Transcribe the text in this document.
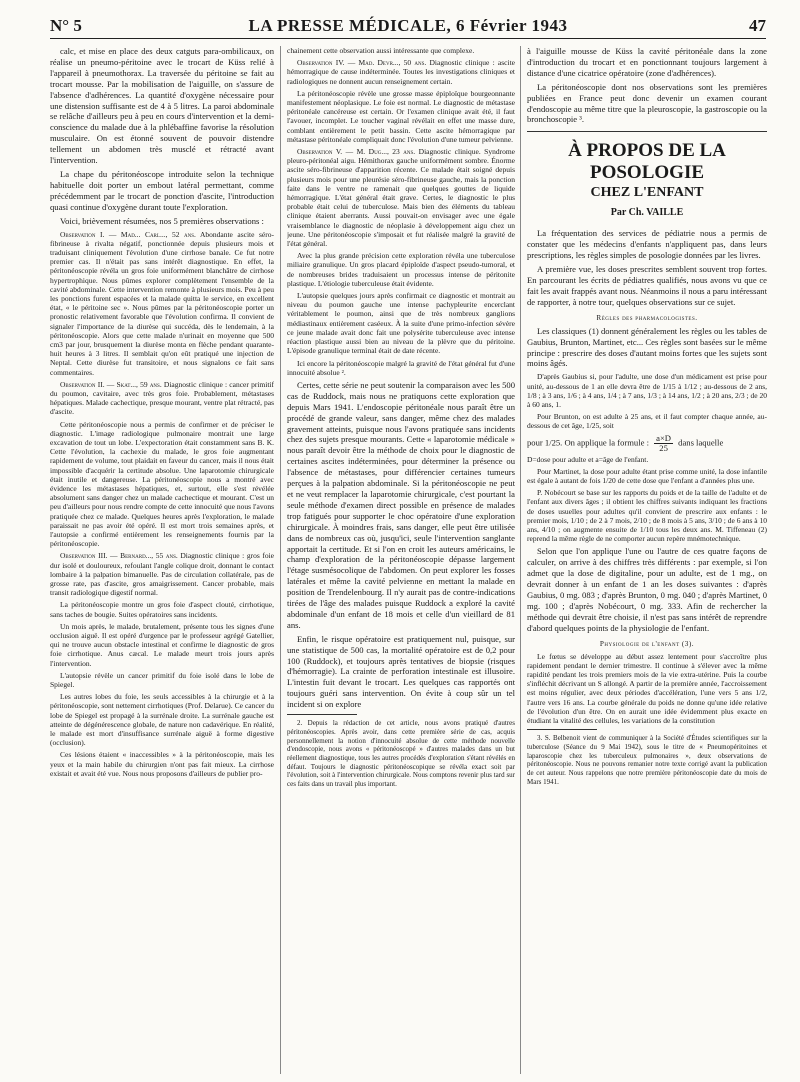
N° 5	LA PRESSE MÉDICALE, 6 Février 1943	47

calc, et mise en place des deux catguts para-ombilicaux, on réalise un pneumo-péritoine avec le trocart de Küss relié à l'appareil à pneumothorax. La traversée du péritoine se fait au trocart mousse. Par la mobilisation de l'aiguille, on s'assure de l'absence d'adhérences. La quantité d'oxygène nécessaire pour une distension suffisante est de 4 à 5 litres. La paroi abdominale se relâche d'ailleurs peu à peu en cours d'intervention et la demi-conscience du malade due à la phlébaffine favorise la résolution musculaire. On est étonné souvent de pouvoir distendre tellement un abdomen très musclé et rétracté avant l'intervention.

La chape du péritonéoscope introduite selon la technique habituelle doit porter un embout latéral permettant, comme précédemment par le trocart de ponction d'ascite, l'introduction quasi continue d'oxygène durant toute l'exploration.

Voici, brièvement résumées, nos 5 premières observations :

Observation I. — Mad... Carl..., 52 ans. Abondante ascite séro-fibrineuse à rivalta négatif, ponctionnée depuis plusieurs mois et traduisant cliniquement l'évolution d'une cirrhose banale. Ce fut notre premier cas. Il n'était pas sans intérêt diagnostique. En effet, la péritonéoscopie révéla un gros foie uniformément blanchâtre de cirrhose hypertrophique. Nous pûmes explorer complètement l'ensemble de la cavité abdominale. Cette intervention remonte à plusieurs mois. Peu à peu les ponctions furent espacées et la malade quitta le service, en excellent état, « le péritoine sec ». Nous pûmes par la péritonéoscopie porter un pronostic relativement favorable que l'évolution confirma. Il convient de signaler l'importance de la diurèse qui succéda, dès le lendemain, à la péritonéoscopie. Alors que cette malade n'urinait en moyenne que 500 cm3 par jour, brusquement la diurèse monta en flèche pendant quarante-huit heures à 3 litres. Il semblait qu'on eût pratiqué une injection de Neptal. Cette diurèse fut transitoire, et nous signalons ce fait sans commentaires.

Observation II. — Skat..., 59 ans. Diagnostic clinique : cancer primitif du poumon, cavitaire, avec très gros foie. Probablement, métastases hépatiques. Malade cachectique, presque mourant, ventre plat rétracté, pas d'ascite.

Cette péritonéoscopie nous a permis de confirmer et de préciser le diagnostic. L'image radiologique pulmonaire montrait une large excavation de tout un lobe. L'expectoration était constamment sans B. K. Cette l'évolution, la cachexie du malade, le gros foie augmentant rapidement de volume, tout plaidait en faveur du cancer, mais il nous était impossible d'acquérir la certitude absolue. Une laparotomie chirurgicale était inutile et dangereuse. La péritonéoscopie nous a montré avec évidence les métastases hépatiques, et, surtout, elle s'est révélée absolument sans danger chez un malade cachectique et mourant. C'est un peu d'ailleurs pour nous rendre compte de cette innocuité que nous l'avons pratiquée chez ce malade. Quelques heures après l'exploration, le malade paraissait ne pas avoir été opéré. Il est mort trois semaines après, et l'autopsie a confirmé entièrement les renseignements fournis par la péritonéoscopie.

Observation III. — Bernard..., 55 ans. Diagnostic clinique : gros foie dur isolé et douloureux, refoulant l'angle colique droit, donnant le contact lombaire à la palpation bimanuelle. Pas de circulation collatérale, pas de grosse rate, pas d'ascite, gros amaigrissement. Cancer probable, mais transit radiologique digestif normal.

La péritonéoscopie montre un gros foie d'aspect clouté, cirrhotique, sans taches de bougie. Suites opératoires sans incidents.

Un mois après, le malade, brutalement, présente tous les signes d'une occlusion aiguë. Il est opéré d'urgence par le professeur agrégé Gatellier, qui ne trouve aucun obstacle intestinal et confirme le diagnostic de gros foie cirrhotique. Anus cæcal. Le malade meurt trois jours après l'intervention.

L'autopsie révèle un cancer primitif du foie isolé dans le lobe de Spiegel.

Les autres lobes du foie, les seuls accessibles à la chirurgie et à la péritonéoscopie, sont nettement cirrhotiques (Prof. Delarue). Ce cancer du lobe de Spiegel est propagé à la surrénale droite. La surrénale gauche est atteinte de dégénérescence globale, de nature non cadavérique. En réalité, le malade est mort d'insuffisance surrénale aiguë à forme digestive (occlusion).

Ces lésions étaient « inaccessibles » à la péritonéoscopie, mais les yeux et la main habile du chirurgien n'ont pas fait mieux. La cirrhose existait et avait été vue. Nous nous proposons d'ailleurs de publier pro-

chainement cette observation aussi intéressante que complexe.

Observation IV. — Mad. Devr..., 50 ans. Diagnostic clinique : ascite hémorragique de cause indéterminée. Toutes les investigations cliniques et radiologiques ne donnent aucun renseignement certain.

La péritonéoscopie révèle une grosse masse épiploïque bourgeonnante manifestement néoplasique. Le foie est normal. Le diagnostic de métastase péritonéale cancéreuse est certain. Or l'examen clinique avait été, il faut l'avouer, incomplet. Le toucher vaginal révélait en effet une masse dure, comblant entièrement le petit bassin. Cette ascite hémorragique par métastase péritonéale compliquait donc l'évolution d'une tumeur pelvienne.

Observation V. — M. Dug..., 23 ans. Diagnostic clinique. Syndrome pleuro-péritonéal aigu. Hémithorax gauche uniformément sombre. Énorme ascite séro-fibrineuse d'apparition récente. Ce malade était soigné depuis plusieurs mois pour une pleurésie séro-fibrineuse gauche, mais la ponction faite dans le ventre ne ramenait que quelques gouttes de liquide hémorragique. L'état général était grave. Certes, le diagnostic le plus probable était celui de tuberculose. Mais bien des éléments du tableau clinique étaient aberrants. Aussi pouvait-on envisager avec une égale vraisemblance le diagnostic de néoplasie à développement aigu chez un jeune. Une péritonéoscopie s'imposait et fut réalisée malgré la gravité de l'état général.

Avec la plus grande précision cette exploration révéla une tuberculose miliaire granulique. Un gros placard épiploïde d'aspect pseudo-tumoral, et de nombreuses brides traduisaient un processus intense de péritonite plastique. L'étiologie tuberculeuse était évidente.

L'autopsie quelques jours après confirmait ce diagnostic et montrait au niveau du poumon gauche une intense pachypleurite encerclant véritablement le poumon, ainsi que de très nombreux ganglions médiastinaux entièrement caséeux. À la suite d'une primo-infection sévère ce jeune malade avait donc fait une polysérite tuberculeuse avec intense réaction plastique aussi bien au niveau de la plèvre que du péritoine. L'épisode granulique terminal était de date récente.

Ici encore la péritonéoscopie malgré la gravité de l'état général fut d'une innocuité absolue ².

Certes, cette série ne peut soutenir la comparaison avec les 500 cas de Ruddock, mais nous ne pratiquons cette exploration que depuis Mars 1941. L'endoscopie péritonéale nous paraît être un procédé de grande valeur, sans danger, même chez des malades gravement atteints, puisque nous l'avons pratiquée sans incidents chez des sujets presque mourants. Cette « laparotomie médicale » nous paraît devoir être la méthode de choix pour le diagnostic de certaines ascites indéterminées, pour déterminer la présence ou l'absence de métastases, pour différencier certaines tumeurs perçues à la palpation abdominale. Si la péritonéoscopie ne peut et ne veut remplacer la laparotomie chirurgicale, c'est pourtant la seule méthode d'examen direct possible en présence de malades trop fatigués pour supporter le choc opératoire d'une exploration chirurgicale. À moindres frais, sans danger, elle peut être utilisée dans de nombreux cas où, jusqu'ici, seule l'intervention sanglante apportait la certitude. Et si l'on en croit les auteurs américains, le champ d'exploration de la péritonéoscopie dépasse largement l'étage susmésocolique de l'abdomen. On peut explorer les fosses latérales et même la cavité pelvienne en mettant la malade en position de Trendelenbourg. Il n'y aurait pas de contre-indications tirées de l'âge des malades puisque Ruddock a exploré la cavité abdominale d'un enfant de 18 mois et celle d'un vieillard de 81 ans.

Enfin, le risque opératoire est pratiquement nul, puisque, sur une statistique de 500 cas, la mortalité opératoire est de 0,2 pour 100 (Ruddock), et toujours après tentatives de biopsie (risques d'hémorragie). La crainte de perforation intestinale est illusoire. L'intestin fuit devant le trocart. Les quelques cas rapportés ont toujours guéri sans intervention. On évite à coup sûr un tel incident si on explore

2. Depuis la rédaction de cet article, nous avons pratiqué d'autres péritonéoscopies. Après avoir, dans cette première série de cas, acquis personnellement la notion d'innocuité absolue de cette méthode nouvelle d'endoscopie, nous avons « péritonéoscopé » d'autres malades dans un but réellement diagnostique, tous les autres procédés d'exploration s'étant révélés en défaut. Toujours le diagnostic péritonéoscopique se révéla exact soit par l'évolution, soit à l'intervention chirurgicale. Nous comptons revenir plus tard sur ces faits dans un travail plus important.

à l'aiguille mousse de Küss la cavité péritonéale dans la zone d'introduction du trocart et en ponctionnant toujours largement à distance d'une cicatrice opératoire (zone d'adhérences).

La péritonéoscopie dont nos observations sont les premières publiées en France peut donc devenir un examen courant d'endoscopie au même titre que la pleuroscopie, la gastroscopie ou la bronchoscopie ³.

À PROPOS DE LA POSOLOGIE
CHEZ L'ENFANT
Par Ch. VAILLE

La fréquentation des services de pédiatrie nous a permis de constater que les médecins d'enfants n'appliquent pas, dans leurs prescriptions, les règles simples de posologie données par les livres.

A première vue, les doses prescrites semblent souvent trop fortes. En parcourant les écrits de pédiatres qualifiés, nous avons vu que ce fait les avait frappés avant nous. Néanmoins il nous a paru intéressant de rapporter, à notre tour, quelques observations sur ce sujet.

Règles des pharmacologistes.

Les classiques (1) donnent généralement les règles ou les tables de Gaubius, Brunton, Martinet, etc... Ces règles sont basées sur le même principe : prescrire des doses d'autant moins fortes que les sujets sont moins âgés.

D'après Gaubius si, pour l'adulte, une dose d'un médicament est prise pour unité, au-dessous de 1 an elle devra être de 1/15 à 1/12 ; au-dessous de 2 ans, 1/8 ; à 3 ans, 1/6 ; à 4 ans, 1/4 ; à 7 ans, 1/3 ; à 14 ans, 1/2 ; à 20 ans, 2/3 ; de 20 à 60 ans, 1.

Pour Brunton, on est adulte à 25 ans, et il faut compter chaque année, au-dessous de cet âge, 1/25, soit

pour 1/25. On applique la formule : $\frac{a\times D}{25}$ dans laquelle

D=dose pour adulte et a=âge de l'enfant.

Pour Martinet, la dose pour adulte étant prise comme unité, la dose infantile est égale à autant de fois 1/20 de cette dose que l'enfant a d'années plus une.

P. Nobécourt se base sur les rapports du poids et de la taille de l'adulte et de l'enfant aux divers âges ; il obtient les chiffres suivants indiquant les fractions de doses usuelles pour adultes qu'il convient de prescrire aux enfants : le premier mois, 1/10 ; de 2 à 7 mois, 2/10 ; de 8 mois à 5 ans, 3/10 ; de 6 ans à 10 ans, 4/10 ; on augmente ensuite de 1/10 tous les deux ans. M. Tiffeneau (2) reprend la même règle de ne comporter aucun repère mnémotechnique.

Selon que l'on applique l'une ou l'autre de ces quatre façons de calculer, on arrive à des chiffres très différents : par exemple, si l'on admet que la dose de digitaline, pour un adulte, est de 1 mg., on devrait donner à un enfant de 1 an les doses suivantes : d'après Gaubius, 0 mg. 083 ; d'après Brunton, 0 mg. 040 ; d'après Martinet, 0 mg. 100 ; d'après Nobécourt, 0 mg. 333. Afin de rechercher la méthode qui devrait être choisie, il n'est pas sans intérêt de reprendre d'abord quelques points de la physiologie de l'enfant.

Physiologie de l'enfant (3).

Le fœtus se développe au début assez lentement pour s'accroître plus rapidement pendant le dernier trimestre. Il continue à s'élever avec la même rapidité pendant les trois premiers mois de la vie extra-utérine. Puis la courbe s'infléchit décrivant un S allongé. A partir de la première année, l'accroissement est moins régulier, avec deux périodes d'accélération, l'une vers 5 ans 1/2, l'autre vers 16 ans. La courbe générale du poids ne donne qu'une idée relative de l'évolution d'un être. On en aurait une idée évidemment plus exacte en étudiant la vitalité des cellules, les variations de la constitution

3. S. Belbenoit vient de communiquer à la Société d'Études scientifiques sur la tuberculose (Séance du 9 Mai 1942), sous le titre de « Pneumopéritoines et laparoscopie chez les tuberculeux pulmonaires », deux observations de péritonéoscopie. Nous ne pouvons remanier notre texte corrigé avant la publication de cet auteur. Nous rappelons que notre première péritonéoscopie date du mois de Mars 1941.
